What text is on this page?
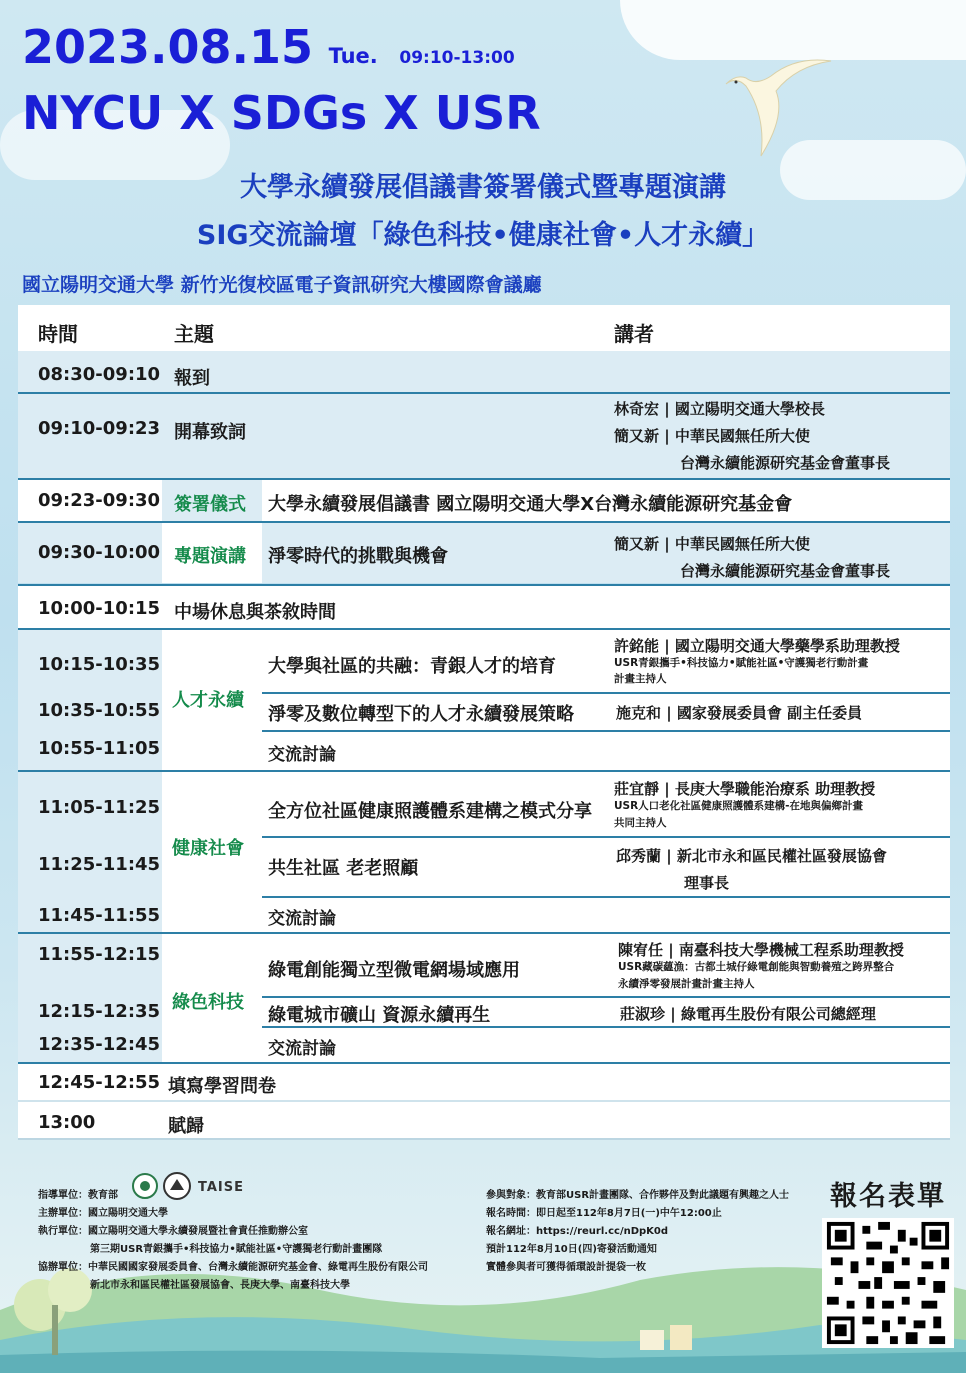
2023.08.15 Tue. 09:10-13:00
NYCU X SDGs X USR
大學永續發展倡議書簽署儀式暨專題演講
SIG交流論壇「綠色科技•健康社會•人才永續」
國立陽明交通大學 新竹光復校區電子資訊研究大樓國際會議廳
時間	主題	講者
08:30-09:10 報到
09:10-09:23 開幕致詞
林奇宏 | 國立陽明交通大學校長
簡又新 | 中華民國無任所大使
台灣永續能源研究基金會董事長
09:23-09:30 簽署儀式 大學永續發展倡議書 國立陽明交通大學X台灣永續能源研究基金會
09:30-10:00 專題演講 淨零時代的挑戰與機會
簡又新 | 中華民國無任所大使
台灣永續能源研究基金會董事長
10:00-10:15 中場休息與茶敘時間
人才永續
10:15-10:35	大學與社區的共融：青銀人才的培育
許銘能 | 國立陽明交通大學藥學系助理教授
USR青銀攜手•科技協力•賦能社區•守護獨老行動計畫
計畫主持人
10:35-10:55	淨零及數位轉型下的人才永續發展策略	施克和 | 國家發展委員會 副主任委員
10:55-11:05	交流討論
健康社會
11:05-11:25	全方位社區健康照護體系建構之模式分享
莊宜靜 | 長庚大學職能治療系 助理教授
USR人口老化社區健康照護體系建構-在地與偏鄉計畫
共同主持人
11:25-11:45	共生社區 老老照顧
邱秀蘭 | 新北市永和區民權社區發展協會
理事長
11:45-11:55	交流討論
綠色科技
11:55-12:15
綠電創能獨立型微電網場域應用
陳宥任 | 南臺科技大學機械工程系助理教授
USR藏碳蘊漁：古都土城仔綠電創能與智動養殖之跨界整合
永續淨零發展計畫計畫主持人
12:15-12:35	綠電城市礦山 資源永續再生	莊淑珍 | 綠電再生股份有限公司總經理
12:35-12:45	交流討論
12:45-12:55 填寫學習問卷
13:00	賦歸
指導單位：教育部
TAISE
主辦單位：國立陽明交通大學
執行單位：國立陽明交通大學永續發展暨社會責任推動辦公室
第三期USR青銀攜手•科技協力•賦能社區•守護獨老行動計畫團隊
協辦單位：中華民國國家發展委員會、台灣永續能源研究基金會、綠電再生股份有限公司
新北市永和區民權社區發展協會、長庚大學、南臺科技大學
參與對象：教育部USR計畫團隊、合作夥伴及對此議題有興趣之人士
報名時間：即日起至112年8月7日(一)中午12:00止
報名網址：https://reurl.cc/nDpK0d
預計112年8月10日(四)寄發活動通知
實體參與者可獲得循環設計提袋一枚
報名表單
